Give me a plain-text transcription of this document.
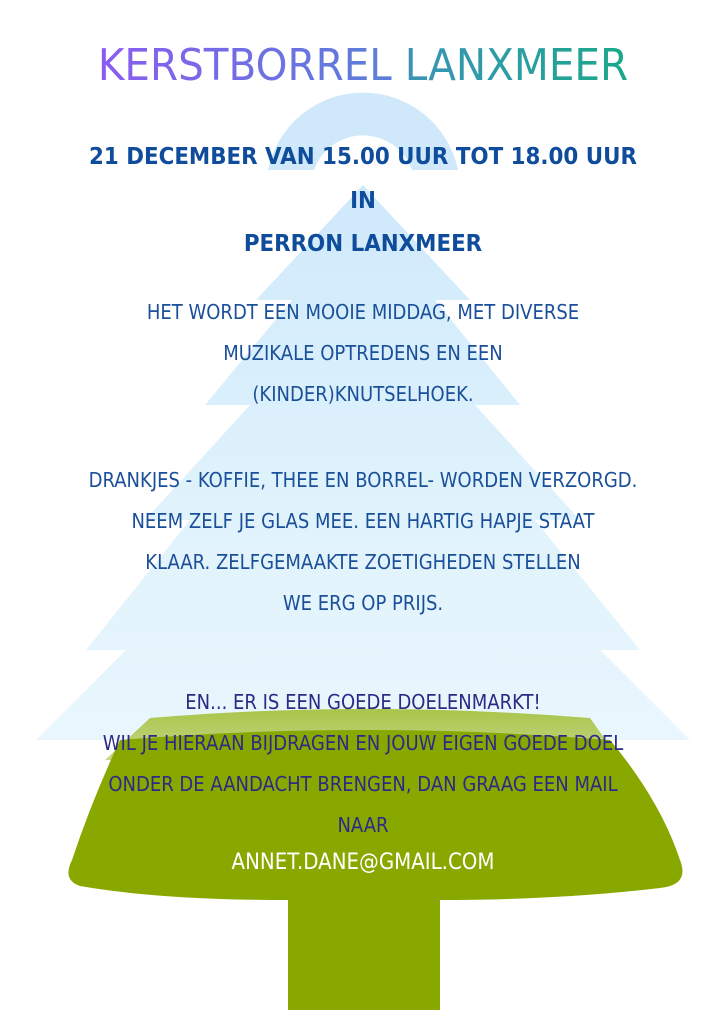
KERSTBORREL LANXMEER
21 DECEMBER VAN 15.00 UUR TOT 18.00 UUR
IN
PERRON LANXMEER
HET WORDT EEN MOOIE MIDDAG, MET DIVERSE
MUZIKALE OPTREDENS EN EEN
(KINDER)KNUTSELHOEK.
DRANKJES - KOFFIE, THEE EN BORREL- WORDEN VERZORGD.
NEEM ZELF JE GLAS MEE. EEN HARTIG HAPJE STAAT
KLAAR. ZELFGEMAAKTE ZOETIGHEDEN STELLEN
WE ERG OP PRIJS.
EN... ER IS EEN GOEDE DOELENMARKT!
WIL JE HIERAAN BIJDRAGEN EN JOUW EIGEN GOEDE DOEL
ONDER DE AANDACHT BRENGEN, DAN GRAAG EEN MAIL
NAAR
ANNET.DANE@GMAIL.COM
